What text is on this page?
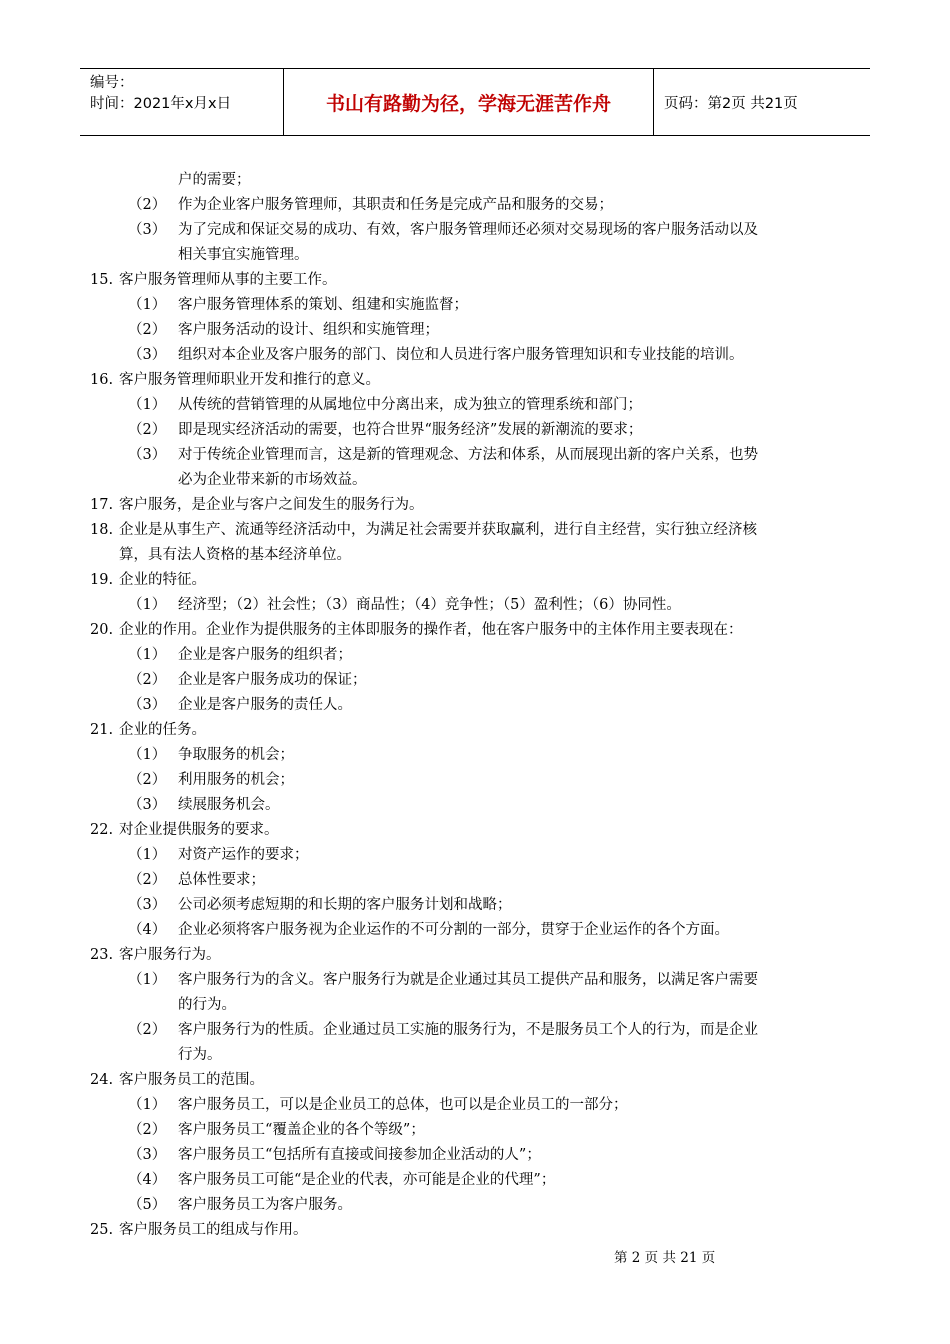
编号：
时间：2021年x月x日	书山有路勤为径，学海无涯苦作舟	页码：第2页 共21页
户的需要；
（2） 作为企业客户服务管理师，其职责和任务是完成产品和服务的交易；
（3） 为了完成和保证交易的成功、有效，客户服务管理师还必须对交易现场的客户服务活动以及
相关事宜实施管理。
15. 客户服务管理师从事的主要工作。
（1） 客户服务管理体系的策划、组建和实施监督；
（2） 客户服务活动的设计、组织和实施管理；
（3） 组织对本企业及客户服务的部门、岗位和人员进行客户服务管理知识和专业技能的培训。
16. 客户服务管理师职业开发和推行的意义。
（1） 从传统的营销管理的从属地位中分离出来，成为独立的管理系统和部门；
（2） 即是现实经济活动的需要，也符合世界“服务经济”发展的新潮流的要求；
（3） 对于传统企业管理而言，这是新的管理观念、方法和体系，从而展现出新的客户关系，也势
必为企业带来新的市场效益。
17. 客户服务，是企业与客户之间发生的服务行为。
18. 企业是从事生产、流通等经济活动中，为满足社会需要并获取赢利，进行自主经营，实行独立经济核
算，具有法人资格的基本经济单位。
19. 企业的特征。
（1） 经济型；（2）社会性；（3）商品性；（4）竞争性；（5）盈利性；（6）协同性。
20. 企业的作用。企业作为提供服务的主体即服务的操作者，他在客户服务中的主体作用主要表现在：
（1） 企业是客户服务的组织者；
（2） 企业是客户服务成功的保证；
（3） 企业是客户服务的责任人。
21. 企业的任务。
（1） 争取服务的机会；
（2） 利用服务的机会；
（3） 续展服务机会。
22. 对企业提供服务的要求。
（1） 对资产运作的要求；
（2） 总体性要求；
（3） 公司必须考虑短期的和长期的客户服务计划和战略；
（4） 企业必须将客户服务视为企业运作的不可分割的一部分，贯穿于企业运作的各个方面。
23. 客户服务行为。
（1） 客户服务行为的含义。客户服务行为就是企业通过其员工提供产品和服务，以满足客户需要
的行为。
（2） 客户服务行为的性质。企业通过员工实施的服务行为，不是服务员工个人的行为，而是企业
行为。
24. 客户服务员工的范围。
（1） 客户服务员工，可以是企业员工的总体，也可以是企业员工的一部分；
（2） 客户服务员工“覆盖企业的各个等级”；
（3） 客户服务员工“包括所有直接或间接参加企业活动的人”；
（4） 客户服务员工可能“是企业的代表，亦可能是企业的代理”；
（5） 客户服务员工为客户服务。
25. 客户服务员工的组成与作用。
第 2 页 共 21 页
